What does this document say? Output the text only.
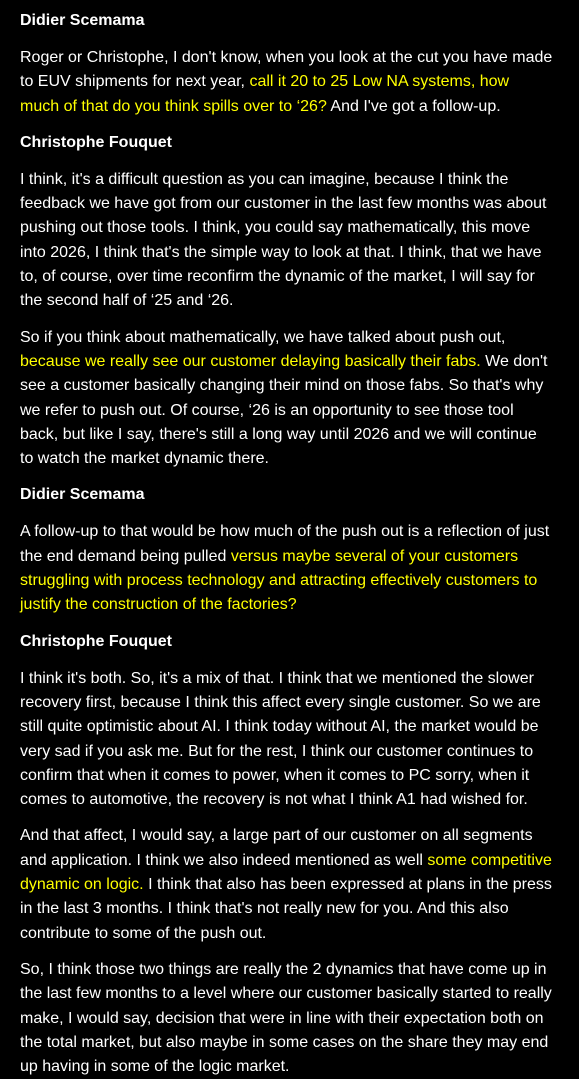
Didier Scemama
Roger or Christophe, I don't know, when you look at the cut you have made
to EUV shipments for next year, call it 20 to 25 Low NA systems, how
much of that do you think spills over to ‘26? And I've got a follow-up.
Christophe Fouquet
I think, it's a difficult question as you can imagine, because I think the
feedback we have got from our customer in the last few months was about
pushing out those tools. I think, you could say mathematically, this move
into 2026, I think that's the simple way to look at that. I think, that we have
to, of course, over time reconfirm the dynamic of the market, I will say for
the second half of ‘25 and ‘26.
So if you think about mathematically, we have talked about push out,
because we really see our customer delaying basically their fabs. We don't
see a customer basically changing their mind on those fabs. So that's why
we refer to push out. Of course, ‘26 is an opportunity to see those tool
back, but like I say, there's still a long way until 2026 and we will continue
to watch the market dynamic there.
Didier Scemama
A follow-up to that would be how much of the push out is a reflection of just
the end demand being pulled versus maybe several of your customers
struggling with process technology and attracting effectively customers to
justify the construction of the factories?
Christophe Fouquet
I think it's both. So, it's a mix of that. I think that we mentioned the slower
recovery first, because I think this affect every single customer. So we are
still quite optimistic about AI. I think today without AI, the market would be
very sad if you ask me. But for the rest, I think our customer continues to
confirm that when it comes to power, when it comes to PC sorry, when it
comes to automotive, the recovery is not what I think A1 had wished for.
And that affect, I would say, a large part of our customer on all segments
and application. I think we also indeed mentioned as well some competitive
dynamic on logic. I think that also has been expressed at plans in the press
in the last 3 months. I think that's not really new for you. And this also
contribute to some of the push out.
So, I think those two things are really the 2 dynamics that have come up in
the last few months to a level where our customer basically started to really
make, I would say, decision that were in line with their expectation both on
the total market, but also maybe in some cases on the share they may end
up having in some of the logic market.
